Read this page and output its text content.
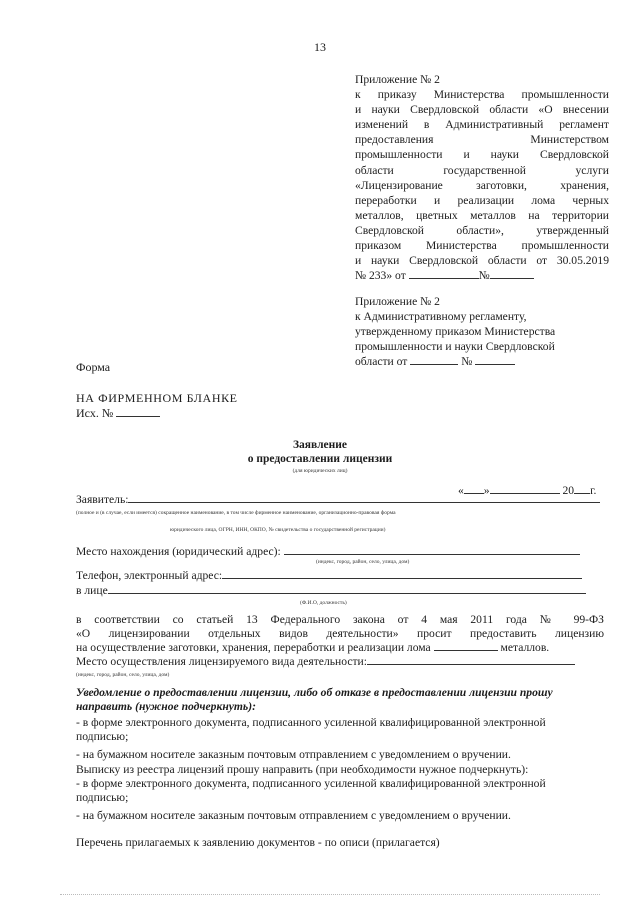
13
Приложение № 2
к приказу Министерства промышленности
и науки Свердловской области «О внесении
изменений в Административный регламент
предоставления Министерством
промышленности и науки Свердловской
области государственной услуги
«Лицензирование заготовки, хранения,
переработки и реализации лома черных
металлов, цветных металлов на территории
Свердловской области», утвержденный
приказом Министерства промышленности
и науки Свердловской области от 30.05.2019
№ 233» от	№
Приложение № 2
к Административному регламенту,
утвержденному приказом Министерства
промышленности и науки Свердловской
области от	№
Форма
НА ФИРМЕННОМ БЛАНКЕ
Исх. №
Заявление
о предоставлении лицензии
(для юридических лиц)
« »	20 г.
Заявитель:
(полное и (в случае, если имеется) сокращенное наименование, в том числе фирменное наименование, организационно-правовая форма
юридического лица, ОГРН, ИНН, ОКПО, № свидетельства о государственной регистрации)
Место нахождения (юридический адрес):
(индекс, город, район, село, улица, дом)
Телефон, электронный адрес:
в лице
(Ф.И.О, должность)
в соответствии со статьей 13 Федерального закона от 4 мая 2011 года № 99-ФЗ
«О лицензировании отдельных видов деятельности» просит предоставить лицензию
на осуществление заготовки, хранения, переработки и реализации лома	металлов.
Место осуществления лицензируемого вида деятельности:
(индекс, город, район, село, улица, дом)
Уведомление о предоставлении лицензии, либо об отказе в предоставлении лицензии прошу
направить (нужное подчеркнуть):
- в форме электронного документа, подписанного усиленной квалифицированной электронной
подписью;
- на бумажном носителе заказным почтовым отправлением с уведомлением о вручении.
Выписку из реестра лицензий прошу направить (при необходимости нужное подчеркнуть):
- в форме электронного документа, подписанного усиленной квалифицированной электронной
подписью;
- на бумажном носителе заказным почтовым отправлением с уведомлением о вручении.
Перечень прилагаемых к заявлению документов - по описи (прилагается)
